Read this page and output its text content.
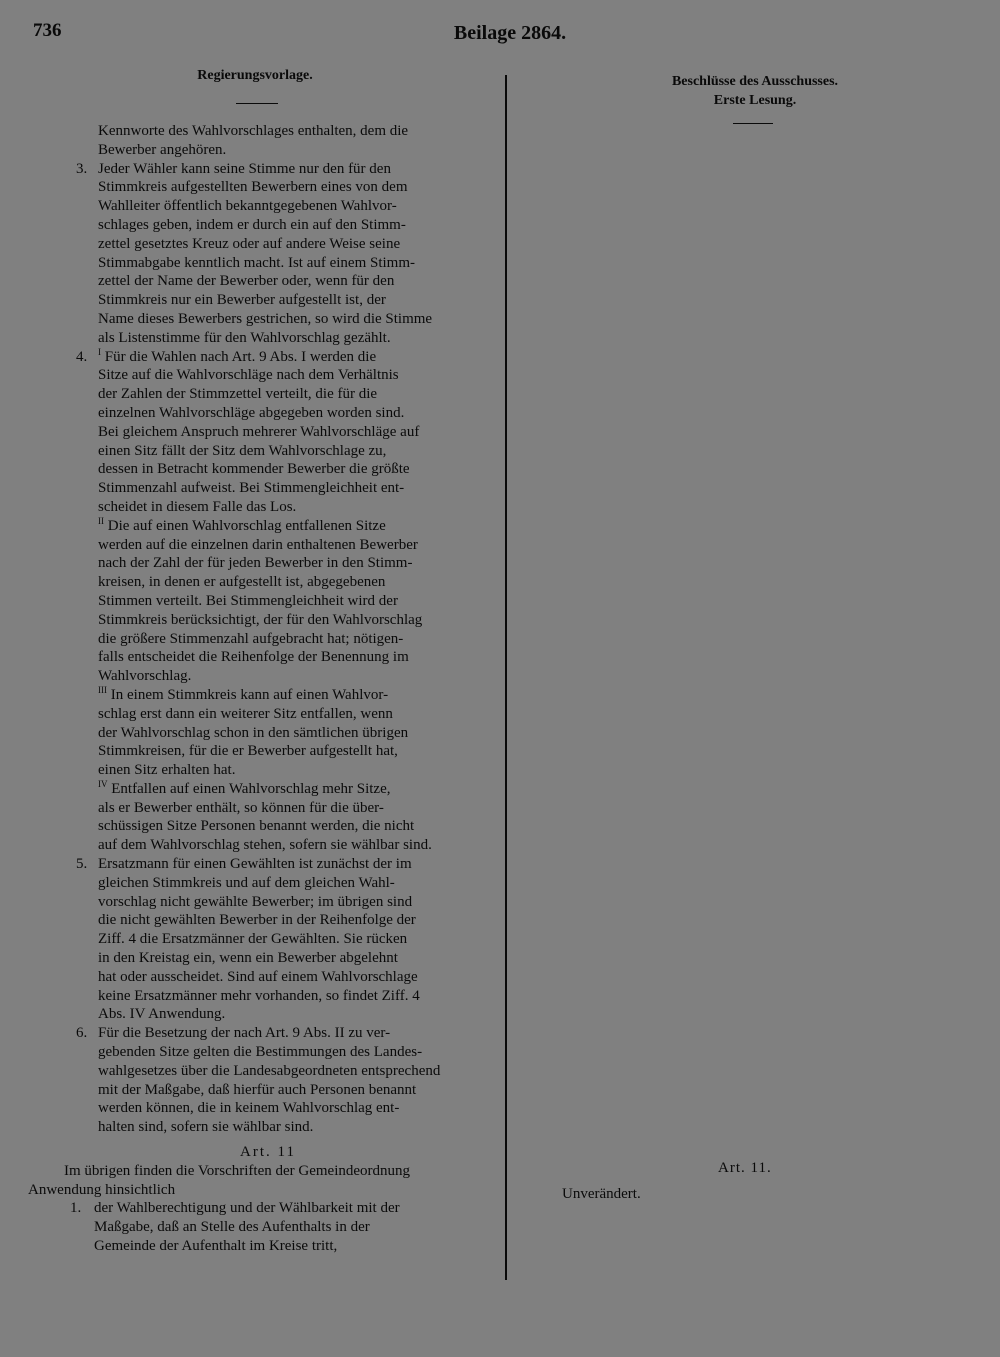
736	Beilage 2864.
Regierungsvorlage.	Beschlüsse des Ausschusses.
Erste Lesung.
Kennworte des Wahlvorschlages enthalten, dem die
Bewerber angehören.
3. Jeder Wähler kann seine Stimme nur den für den
Stimmkreis aufgestellten Bewerbern eines von dem
Wahlleiter öffentlich bekanntgegebenen Wahlvor-
schlages geben, indem er durch ein auf den Stimm-
zettel gesetztes Kreuz oder auf andere Weise seine
Stimmabgabe kenntlich macht. Ist auf einem Stimm-
zettel der Name der Bewerber oder, wenn für den
Stimmkreis nur ein Bewerber aufgestellt ist, der
Name dieses Bewerbers gestrichen, so wird die Stimme
als Listenstimme für den Wahlvorschlag gezählt.
4. $^I$ Für die Wahlen nach Art. 9 Abs. I werden die
Sitze auf die Wahlvorschläge nach dem Verhältnis
der Zahlen der Stimmzettel verteilt, die für die
einzelnen Wahlvorschläge abgegeben worden sind.
Bei gleichem Anspruch mehrerer Wahlvorschläge auf
einen Sitz fällt der Sitz dem Wahlvorschlage zu,
dessen in Betracht kommender Bewerber die größte
Stimmenzahl aufweist. Bei Stimmengleichheit ent-
scheidet in diesem Falle das Los.
$^{II}$ Die auf einen Wahlvorschlag entfallenen Sitze
werden auf die einzelnen darin enthaltenen Bewerber
nach der Zahl der für jeden Bewerber in den Stimm-
kreisen, in denen er aufgestellt ist, abgegebenen
Stimmen verteilt. Bei Stimmengleichheit wird der
Stimmkreis berücksichtigt, der für den Wahlvorschlag
die größere Stimmenzahl aufgebracht hat; nötigen-
falls entscheidet die Reihenfolge der Benennung im
Wahlvorschlag.
$^{III}$ In einem Stimmkreis kann auf einen Wahlvor-
schlag erst dann ein weiterer Sitz entfallen, wenn
der Wahlvorschlag schon in den sämtlichen übrigen
Stimmkreisen, für die er Bewerber aufgestellt hat,
einen Sitz erhalten hat.
$^{IV}$ Entfallen auf einen Wahlvorschlag mehr Sitze,
als er Bewerber enthält, so können für die über-
schüssigen Sitze Personen benannt werden, die nicht
auf dem Wahlvorschlag stehen, sofern sie wählbar sind.
5. Ersatzmann für einen Gewählten ist zunächst der im
gleichen Stimmkreis und auf dem gleichen Wahl-
vorschlag nicht gewählte Bewerber; im übrigen sind
die nicht gewählten Bewerber in der Reihenfolge der
Ziff. 4 die Ersatzmänner der Gewählten. Sie rücken
in den Kreistag ein, wenn ein Bewerber abgelehnt
hat oder ausscheidet. Sind auf einem Wahlvorschlage
keine Ersatzmänner mehr vorhanden, so findet Ziff. 4
Abs. IV Anwendung.
6. Für die Besetzung der nach Art. 9 Abs. II zu ver-
gebenden Sitze gelten die Bestimmungen des Landes-
wahlgesetzes über die Landesabgeordneten entsprechend
mit der Maßgabe, daß hierfür auch Personen benannt
werden können, die in keinem Wahlvorschlag ent-
halten sind, sofern sie wählbar sind.
Art. 11
Im übrigen finden die Vorschriften der Gemeindeordnung
Anwendung hinsichtlich
1. der Wahlberechtigung und der Wählbarkeit mit der
Maßgabe, daß an Stelle des Aufenthalts in der
Gemeinde der Aufenthalt im Kreise tritt,
Art. 11.
Unverändert.
